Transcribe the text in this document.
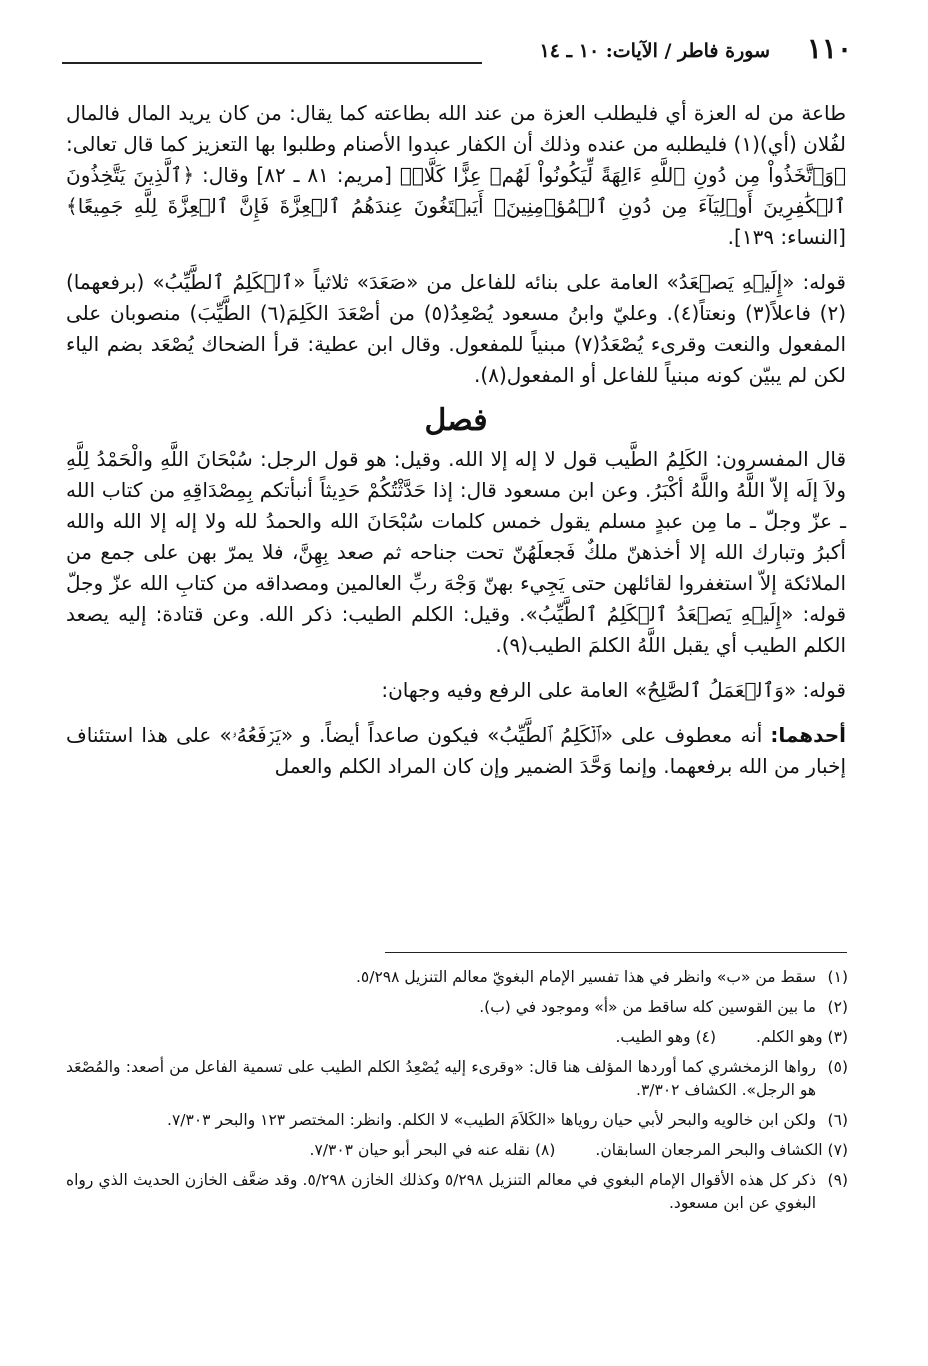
١١٠
سورة فاطر / الآيات: ١٠ ـ ١٤

طاعة من له العزة أي فليطلب العزة من عند الله بطاعته كما يقال: من كان يريد المال فالمال لفُلان (أي)(١) فليطلبه من عنده وذلك أن الكفار عبدوا الأصنام وطلبوا بها التعزيز كما قال تعالى: ﴿وَٱتَّخَذُواْ مِن دُونِ ٱللَّهِ ءَالِهَةً لِّيَكُونُواْ لَهُمۡ عِزًّا كَلَّاۚ﴾ [مريم: ٨١ ـ ٨٢] وقال: ﴿ٱلَّذِينَ يَتَّخِذُونَ ٱلۡكَٰفِرِينَ أَوۡلِيَآءَ مِن دُونِ ٱلۡمُؤۡمِنِينَۚ أَيَبۡتَغُونَ عِندَهُمُ ٱلۡعِزَّةَ فَإِنَّ ٱلۡعِزَّةَ لِلَّهِ جَمِيعًا﴾ [النساء: ١٣٩].

قوله: «إِلَيۡهِ يَصۡعَدُ» العامة على بنائه للفاعل من «صَعَدَ» ثلاثياً «ٱلۡكَلِمُ ٱلطَّيِّبُ» (برفعهما)(٢) فاعلاً(٣) ونعتاً(٤). وعليّ وابنُ مسعود يُصْعِدُ(٥) من أصْعَدَ الكَلِمَ(٦) الطَّيِّبَ) منصوبان على المفعول والنعت وقرىء يُصْعَدُ(٧) مبنياً للمفعول. وقال ابن عطية: قرأ الضحاك يُصْعَد بضم الياء لكن لم يبيّن كونه مبنياً للفاعل أو المفعول(٨).

فصل

قال المفسرون: الكَلِمُ الطَّيب قول لا إله إلا الله. وقيل: هو قول الرجل: سُبْحَانَ اللَّهِ والْحَمْدُ لِلَّهِ ولاَ إلَه إلاّ اللَّهُ واللَّهُ أكْبَرُ. وعن ابن مسعود قال: إذا حَدَّثْتُكُمْ حَدِيثاً أنبأتكم بِمِصْدَاقِهِ من كتاب الله ـ عزّ وجلّ ـ ما مِن عبدٍ مسلم يقول خمس كلمات سُبْحَانَ الله والحمدُ لله ولا إله إلا الله والله أكبرُ وتبارك الله إلا أخذهنّ ملكٌ فَجعلَهُنّ تحت جناحه ثم صعد بِهِنَّ، فلا يمرّ بهن على جمع من الملائكة إلاّ استغفروا لقائلهن حتى يَجِيء بهنّ وَجْهَ ربِّ العالمين ومصداقه من كتابِ الله عزّ وجلّ قوله: «إِلَيۡهِ يَصۡعَدُ ٱلۡكَلِمُ ٱلطَّيِّبُ». وقيل: الكلم الطيب: ذكر الله. وعن قتادة: إليه يصعد الكلم الطيب أي يقبل اللَّهُ الكلمَ الطيب(٩).

قوله: «وَٱلۡعَمَلُ ٱلصَّٰلِحُ» العامة على الرفع وفيه وجهان:

أحدهما: أنه معطوف على «ٱلۡكَلِمُ ٱلطَّيِّبُ» فيكون صاعداً أيضاً. و «يَرۡفَعُهُۥ» على هذا استئناف إخبار من الله برفعهما. وإنما وَحَّدَ الضمير وإن كان المراد الكلم والعمل

(١)
سقط من «ب» وانظر في هذا تفسير الإمام البغويّ معالم التنزيل ٥/٢٩٨.
(٢)
ما بين القوسين كله ساقط من «أ» وموجود في (ب).
(٣) وهو الكلم.
(٤) وهو الطيب.
(٥)
رواها الزمخشري كما أوردها المؤلف هنا قال: «وقرىء إليه يُصْعِدُ الكلم الطيب على تسمية الفاعل من أصعد: والمُصْعَد هو الرجل». الكشاف ٣/٣٠٢.
(٦)
ولكن ابن خالويه والبحر لأبي حيان روياها «الكَلاَمَ الطيب» لا الكلم. وانظر: المختصر ١٢٣ والبحر ٧/٣٠٣.
(٧) الكشاف والبحر المرجعان السابقان.
(٨) نقله عنه في البحر أبو حيان ٧/٣٠٣.
(٩)
ذكر كل هذه الأقوال الإمام البغوي في معالم التنزيل ٥/٢٩٨ وكذلك الخازن ٥/٢٩٨. وقد ضعَّف الخازن الحديث الذي رواه البغوي عن ابن مسعود.
